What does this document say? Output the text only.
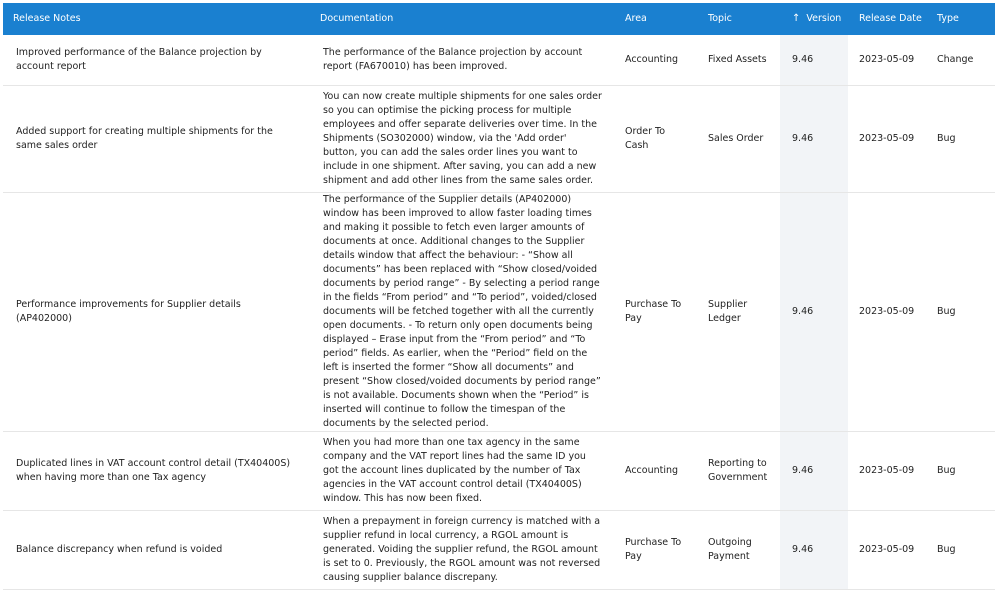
Release Notes	Documentation	Area	Topic	↑ Version	Release Date	Type
Improved performance of the Balance projection by account report	The performance of the Balance projection by account report (FA670010) has been improved.	Accounting	Fixed Assets	9.46	2023-05-09	Change
Added support for creating multiple shipments for the same sales order	You can now create multiple shipments for one sales order so you can optimise the picking process for multiple employees and offer separate deliveries over time. In the Shipments (SO302000) window, via the 'Add order' button, you can add the sales order lines you want to include in one shipment. After saving, you can add a new shipment and add other lines from the same sales order.	Order To Cash	Sales Order	9.46	2023-05-09	Bug
Performance improvements for Supplier details (AP402000)	The performance of the Supplier details (AP402000) window has been improved to allow faster loading times and making it possible to fetch even larger amounts of documents at once. Additional changes to the Supplier details window that affect the behaviour: - “Show all documents” has been replaced with “Show closed/voided documents by period range” - By selecting a period range in the fields “From period” and “To period”, voided/closed documents will be fetched together with all the currently open documents. - To return only open documents being displayed – Erase input from the “From period” and “To period” fields. As earlier, when the “Period” field on the left is inserted the former “Show all documents” and present “Show closed/voided documents by period range” is not available. Documents shown when the “Period” is inserted will continue to follow the timespan of the documents by the selected period.	Purchase To Pay	Supplier Ledger	9.46	2023-05-09	Bug
Duplicated lines in VAT account control detail (TX40400S) when having more than one Tax agency	When you had more than one tax agency in the same company and the VAT report lines had the same ID you got the account lines duplicated by the number of Tax agencies in the VAT account control detail (TX40400S) window. This has now been fixed.	Accounting	Reporting to Government	9.46	2023-05-09	Bug
Balance discrepancy when refund is voided	When a prepayment in foreign currency is matched with a supplier refund in local currency, a RGOL amount is generated. Voiding the supplier refund, the RGOL amount is set to 0. Previously, the RGOL amount was not reversed causing supplier balance discrepany.	Purchase To Pay	Outgoing Payment	9.46	2023-05-09	Bug
